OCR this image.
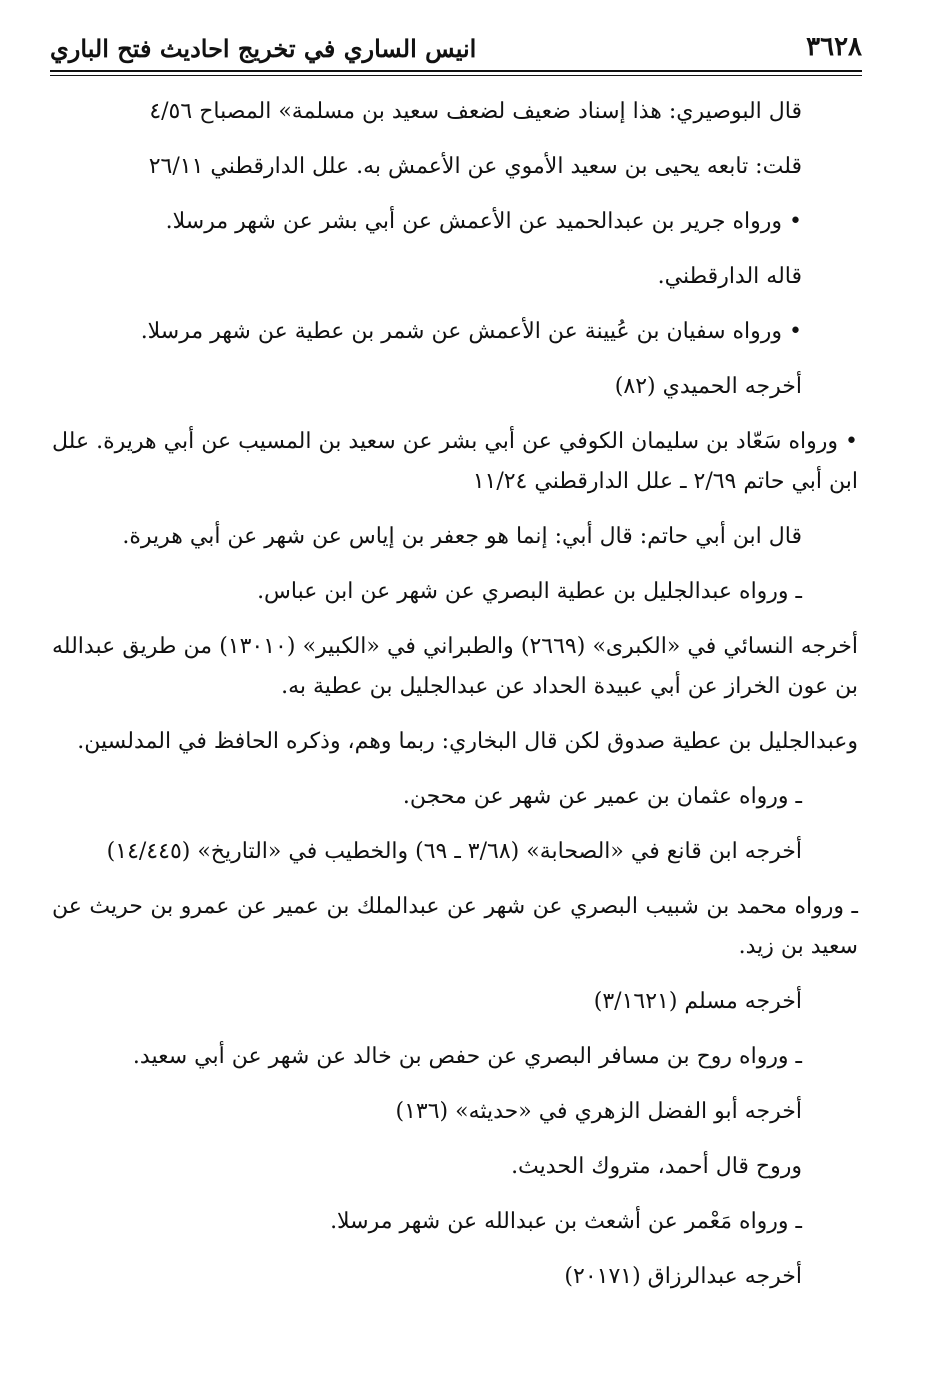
٣٦٢٨
انيس الساري في تخريج احاديث فتح الباري

قال البوصيري: هذا إسناد ضعيف لضعف سعيد بن مسلمة» المصباح ٤/٥٦

قلت: تابعه يحيى بن سعيد الأموي عن الأعمش به. علل الدارقطني ٢٦/١١

• ورواه جرير بن عبدالحميد عن الأعمش عن أبي بشر عن شهر مرسلا.

قاله الدارقطني.

• ورواه سفيان بن عُيينة عن الأعمش عن شمر بن عطية عن شهر مرسلا.

أخرجه الحميدي (٨٢)

• ورواه سَعّاد بن سليمان الكوفي عن أبي بشر عن سعيد بن المسيب عن أبي هريرة. علل ابن أبي حاتم ٢/٦٩ ـ علل الدارقطني ١١/٢٤

قال ابن أبي حاتم: قال أبي: إنما هو جعفر بن إياس عن شهر عن أبي هريرة.

ـ ورواه عبدالجليل بن عطية البصري عن شهر عن ابن عباس.

أخرجه النسائي في «الكبرى» (٢٦٦٩) والطبراني في «الكبير» (١٣٠١٠) من طريق عبدالله بن عون الخراز عن أبي عبيدة الحداد عن عبدالجليل بن عطية به.

وعبدالجليل بن عطية صدوق لكن قال البخاري: ربما وهم، وذكره الحافظ في المدلسين.

ـ ورواه عثمان بن عمير عن شهر عن محجن.

أخرجه ابن قانع في «الصحابة» (٣/٦٨ ـ ٦٩) والخطيب في «التاريخ» (١٤/٤٤٥)

ـ ورواه محمد بن شبيب البصري عن شهر عن عبدالملك بن عمير عن عمرو بن حريث عن سعيد بن زيد.

أخرجه مسلم (٣/١٦٢١)

ـ ورواه روح بن مسافر البصري عن حفص بن خالد عن شهر عن أبي سعيد.

أخرجه أبو الفضل الزهري في «حديثه» (١٣٦)

وروح قال أحمد، متروك الحديث.

ـ ورواه مَعْمر عن أشعث بن عبدالله عن شهر مرسلا.

أخرجه عبدالرزاق (٢٠١٧١)
